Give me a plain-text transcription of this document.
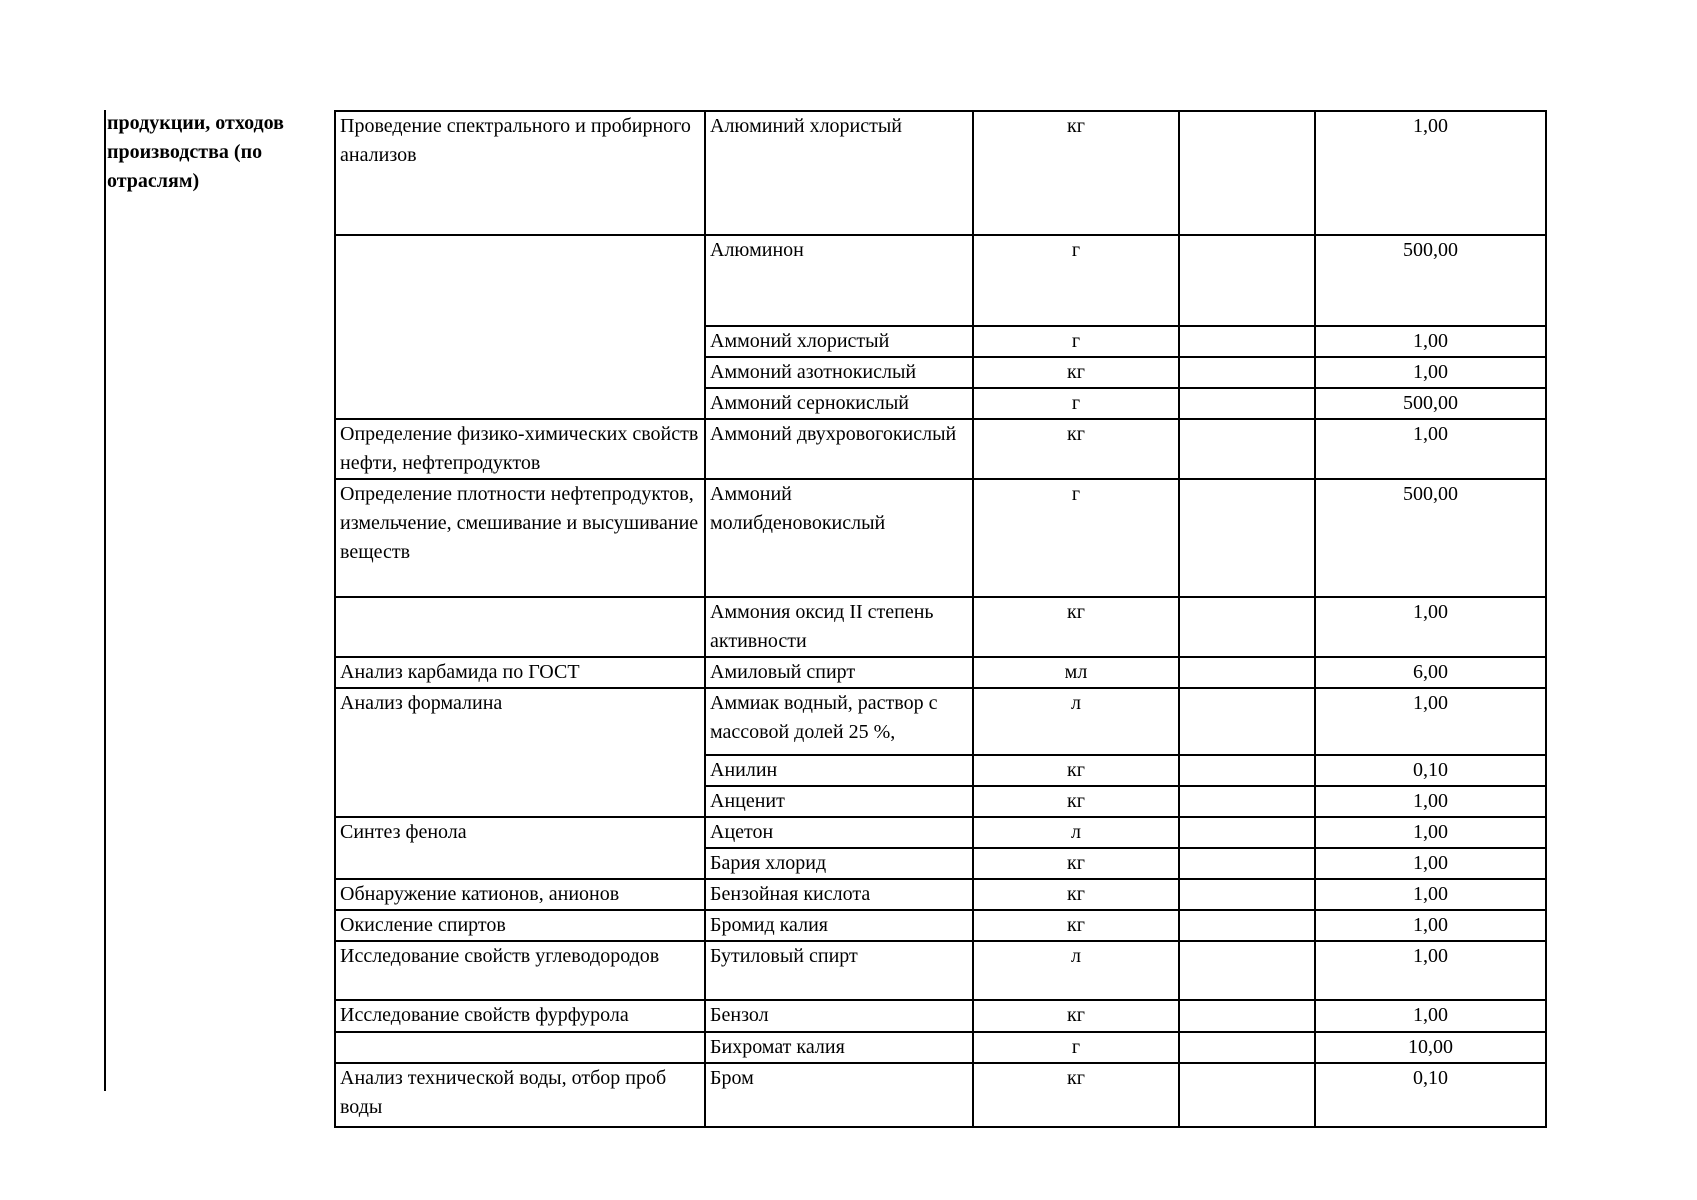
продукции, отходов производства (по отраслям)
Проведение спектрального и пробирного анализов	Алюминий хлористый	кг		1,00
	Алюминон	г		500,00
	Аммоний хлористый	г		1,00
	Аммоний азотнокислый	кг		1,00
	Аммоний сернокислый	г		500,00
Определение физико-химических свойств нефти, нефтепродуктов	Аммоний двухровогокислый	кг		1,00
Определение плотности нефтепродуктов, измельчение, смешивание и высушивание веществ	Аммоний молибденовокислый	г		500,00
	Аммония оксид II степень активности	кг		1,00
Анализ карбамида по ГОСТ	Амиловый спирт	мл		6,00
Анализ формалина	Аммиак водный, раствор с массовой долей 25 %,	л		1,00
	Анилин	кг		0,10
	Анценит	кг		1,00
Синтез фенола	Ацетон	л		1,00
	Бария хлорид	кг		1,00
Обнаружение катионов, анионов	Бензойная кислота	кг		1,00
Окисление спиртов	Бромид калия	кг		1,00
Исследование свойств углеводородов	Бутиловый спирт	л		1,00
Исследование свойств фурфурола	Бензол	кг		1,00
	Бихромат калия	г		10,00
Анализ технической воды, отбор проб воды	Бром	кг		0,10
